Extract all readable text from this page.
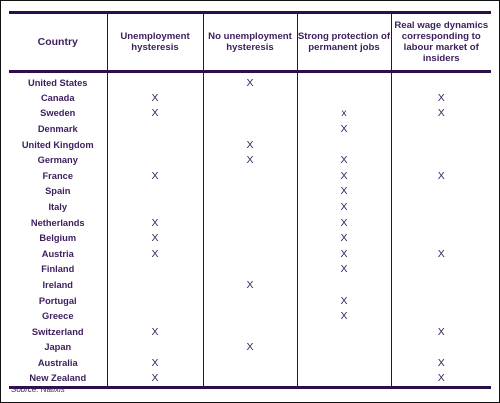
Country	Unemployment hysteresis	No unemployment hysteresis	Strong protection of permanent jobs	Real wage dynamics corresponding to labour market of insiders
United States		X		
Canada	X			X
Sweden	X		x	X
Denmark			X	
United Kingdom		X		
Germany		X	X	
France	X		X	X
Spain			X	
Italy			X	
Netherlands	X		X	
Belgium	X		X	
Austria	X		X	X
Finland			X	
Ireland		X		
Portugal			X	
Greece			X	
Switzerland	X			X
Japan		X		
Australia	X			X
New Zealand	X			X
Source: Natixis
